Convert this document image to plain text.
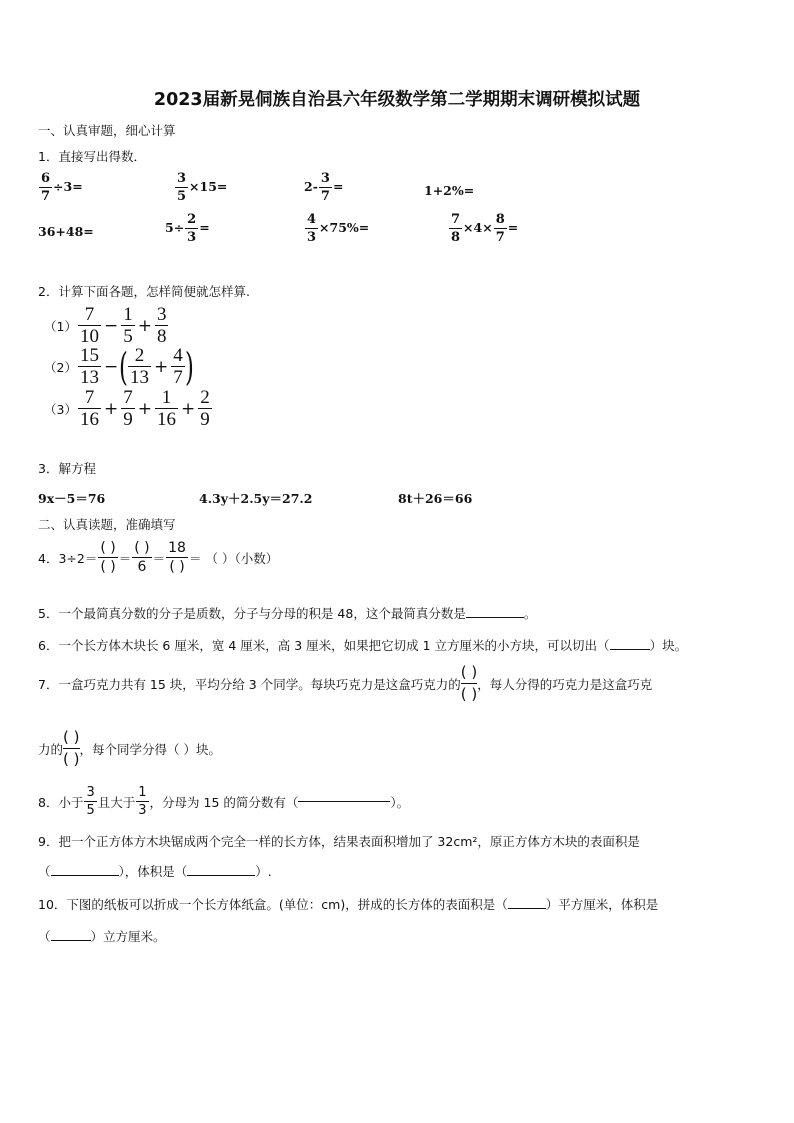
2023届新晃侗族自治县六年级数学第二学期期末调研模拟试题
一、认真审题，细心计算
1．直接写出得数．
$\frac{6}{7} \div 3=$	$\frac{3}{5} \times 15=$	$2- \frac{3}{7}$ =	1+2%=
36+48=	$5\div \frac{2}{3}$ =	$\frac{4}{3} \times 75\%=$	$\frac{7}{8} \times 4\times \frac{8}{7}$ =
2．计算下面各题，怎样简便就怎样算.
$(1) \frac{7}{10} - \frac{1}{5} + \frac{3}{8}$
$(2) \frac{15}{13}$ − ( $\frac{2}{13} + \frac{4}{7}$ )
$(3) \frac{7}{16} + \frac{7}{9} + \frac{1}{16} + \frac{2}{9}$
3．解方程
9x－5＝76	4.3y＋2.5y＝27.2	8t＋26＝66
二、认真读题，准确填写
4．$3\div 2= \frac{( )}{( )} = \frac{( )}{6} = \frac{18}{( )}$ ＝ （ ）（小数）
5．一个最简真分数的分子是质数，分子与分母的积是 48，这个最简真分数是	。
6．一个长方体木块长 6 厘米，宽 4 厘米，高 3 厘米，如果把它切成 1 立方厘米的小方块，可以切出（	）块。
7．一盒巧克力共有 15 块，平均分给 3 个同学。每块巧克力是这盒巧克力的
( )
( )
，每人分得的巧克力是这盒巧克
力的
( )
( )
，每个同学分得（ ）块。
8．小于 $\frac{3}{5}$ 且大于 $\frac{1}{3}$ ，分母为 15 的简分数有（	）。
9．把一个正方体方木块锯成两个完全一样的长方体，结果表面积增加了 32cm²，原正方体方木块的表面积是
（	），体积是（	）.
10．下图的纸板可以折成一个长方体纸盒。(单位：cm)，拼成的长方体的表面积是（	）平方厘米，体积是
（	）立方厘米。
